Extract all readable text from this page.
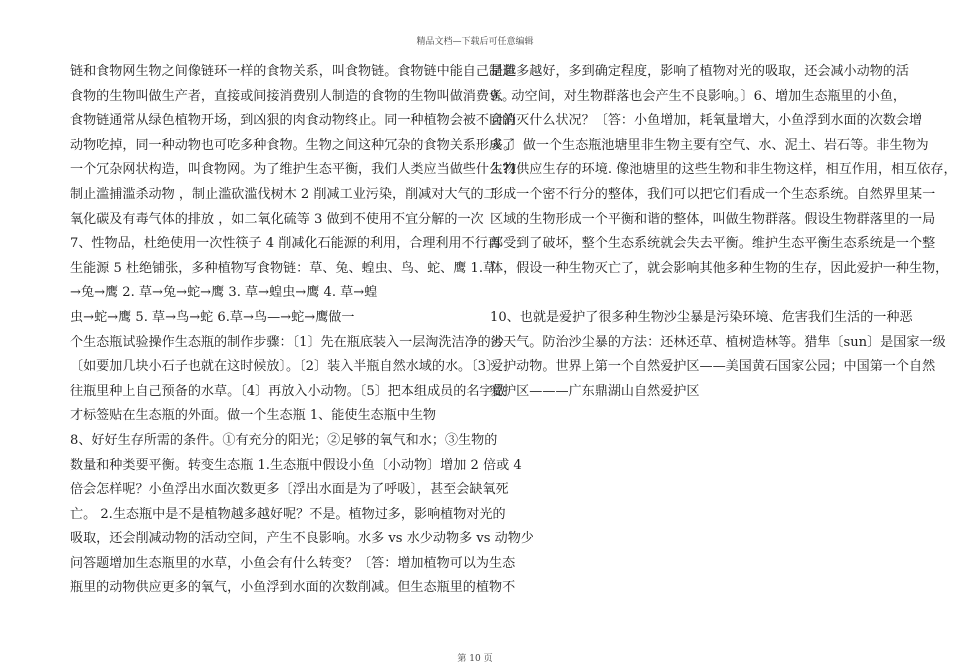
精品文档—下载后可任意编辑
链和食物网生物之间像链环一样的食物关系，叫食物链。食物链中能自己制造
食物的生物叫做生产者，直接或间接消费别人制造的食物的生物叫做消费者。
食物链通常从绿色植物开场，到凶狠的肉食动物终止。同一种植物会被不同的
动物吃掉，同一种动物也可吃多种食物。生物之间这种冗杂的食物关系形成了
一个冗杂网状构造，叫食物网。为了维护生态平衡，我们人类应当做些什么?1
制止滥捕滥杀动物 ，制止滥砍滥伐树木 2 削减工业污染，削减对大气的二
氧化碳及有毒气体的排放 ，如二氧化硫等 3 做到不使用不宜分解的一次
7、性物品，杜绝使用一次性筷子 4 削减化石能源的利用，合理利用不行再
生能源 5 杜绝铺张，多种植物写食物链：草、兔、蝗虫、鸟、蛇、鹰 1.草
→兔→鹰 2. 草→兔→蛇→鹰 3. 草→蝗虫→鹰 4. 草→蝗
虫→蛇→鹰 5. 草→鸟→蛇 6.草→鸟—→蛇→鹰做一
个生态瓶试验操作生态瓶的制作步骤：〔1〕先在瓶底装入一层淘洗洁净的沙
〔如要加几块小石子也就在这时候放〕。〔2〕装入半瓶自然水域的水。〔3〕
往瓶里种上自己预备的水草。〔4〕再放入小动物。〔5〕把本组成员的名字做
才标签贴在生态瓶的外面。做一个生态瓶 1、能使生态瓶中生物
8、好好生存所需的条件。①有充分的阳光；②足够的氧气和水；③生物的
数量和种类要平衡。转变生态瓶 1.生态瓶中假设小鱼〔小动物〕增加 2 倍或 4
倍会怎样呢？小鱼浮出水面次数更多〔浮出水面是为了呼吸〕，甚至会缺氧死
亡。 2.生态瓶中是不是植物越多越好呢？不是。植物过多，影响植物对光的
吸取，还会削减动物的活动空间，产生不良影响。水多 vs 水少动物多 vs 动物少
问答题增加生态瓶里的水草，小鱼会有什么转变？〔答：增加植物可以为生态
瓶里的动物供应更多的氧气，小鱼浮到水面的次数削减。但生态瓶里的植物不
是越多越好，多到确定程度，影响了植物对光的吸取，还会减小动物的活
9、动空间，对生物群落也会产生不良影响。〕6、增加生态瓶里的小鱼，
会消灭什么状况？〔答：小鱼增加，耗氧量增大，小鱼浮到水面的次数会增
多。〕做一个生态瓶池塘里非生物主要有空气、水、泥土、岩石等。非生物为
生物供应生存的环境. 像池塘里的这些生物和非生物这样，相互作用，相互依存，
形成一个密不行分的整体，我们可以把它们看成一个生态系统。自然界里某一
区域的生物形成一个平衡和谐的整体，叫做生物群落。假设生物群落里的一局
部受到了破坏，整个生态系统就会失去平衡。维护生态平衡生态系统是一个整
体，假设一种生物灭亡了，就会影响其他多种生物的生存，因此爱护一种生物，
10、也就是爱护了很多种生物沙尘暴是污染环境、危害我们生活的一种恶
劣天气。防治沙尘暴的方法：还林还草、植树造林等。猎隼〔sun〕是国家一级
爱护动物。世界上第一个自然爱护区——美国黄石国家公园；中国第一个自然
爱护区———广东鼎湖山自然爱护区
第 10 页
